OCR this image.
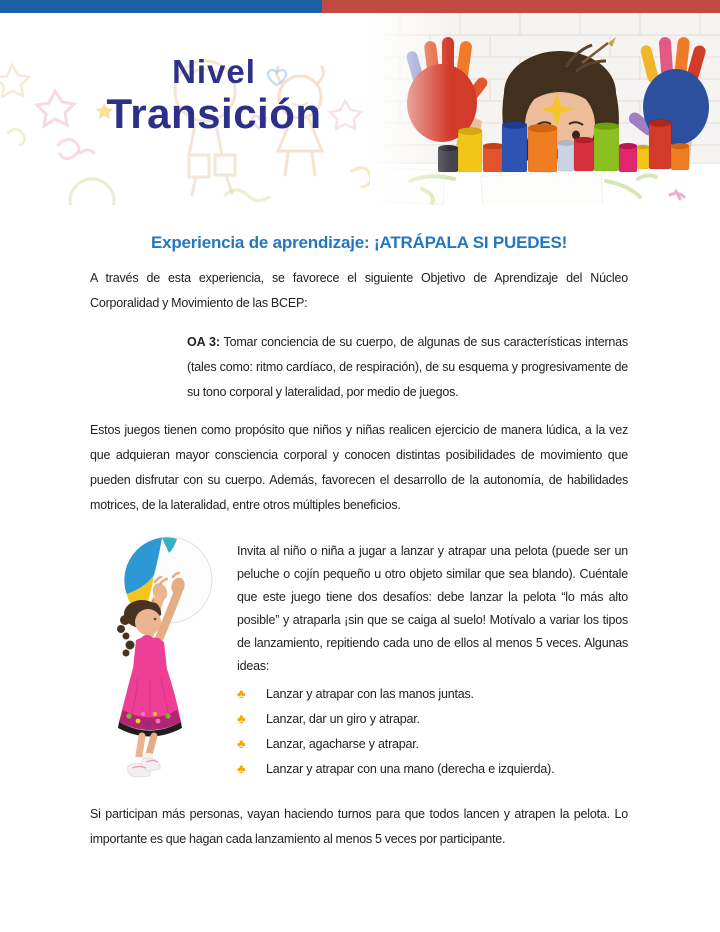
Nivel
Transición
Experiencia de aprendizaje: ¡ATRÁPALA SI PUEDES!

A través de esta experiencia, se favorece el siguiente Objetivo de Aprendizaje del Núcleo Corporalidad y Movimiento de las BCEP:

OA 3: Tomar conciencia de su cuerpo, de algunas de sus características internas (tales como: ritmo cardíaco, de respiración), de su esquema y progresivamente de su tono corporal y lateralidad, por medio de juegos.

Estos juegos tienen como propósito que niños y niñas realicen ejercicio de manera lúdica, a la vez que adquieran mayor consciencia corporal y conocen distintas posibilidades de movimiento que pueden disfrutar con su cuerpo. Además, favorecen el desarrollo de la autonomía, de habilidades motrices, de la lateralidad, entre otros múltiples beneficios.

Invita al niño o niña a jugar a lanzar y atrapar una pelota (puede ser un peluche o cojín pequeño u otro objeto similar que sea blando). Cuéntale que este juego tiene dos desafíos: debe lanzar la pelota “lo más alto posible” y atraparla ¡sin que se caiga al suelo! Motívalo a variar los tipos de lanzamiento, repitiendo cada uno de ellos al menos 5 veces. Algunas ideas:

♣	Lanzar y atrapar con las manos juntas.
♣	Lanzar, dar un giro y atrapar.
♣	Lanzar, agacharse y atrapar.
♣	Lanzar y atrapar con una mano (derecha e izquierda).

Si participan más personas, vayan haciendo turnos para que todos lancen y atrapen la pelota. Lo importante es que hagan cada lanzamiento al menos 5 veces por participante.
